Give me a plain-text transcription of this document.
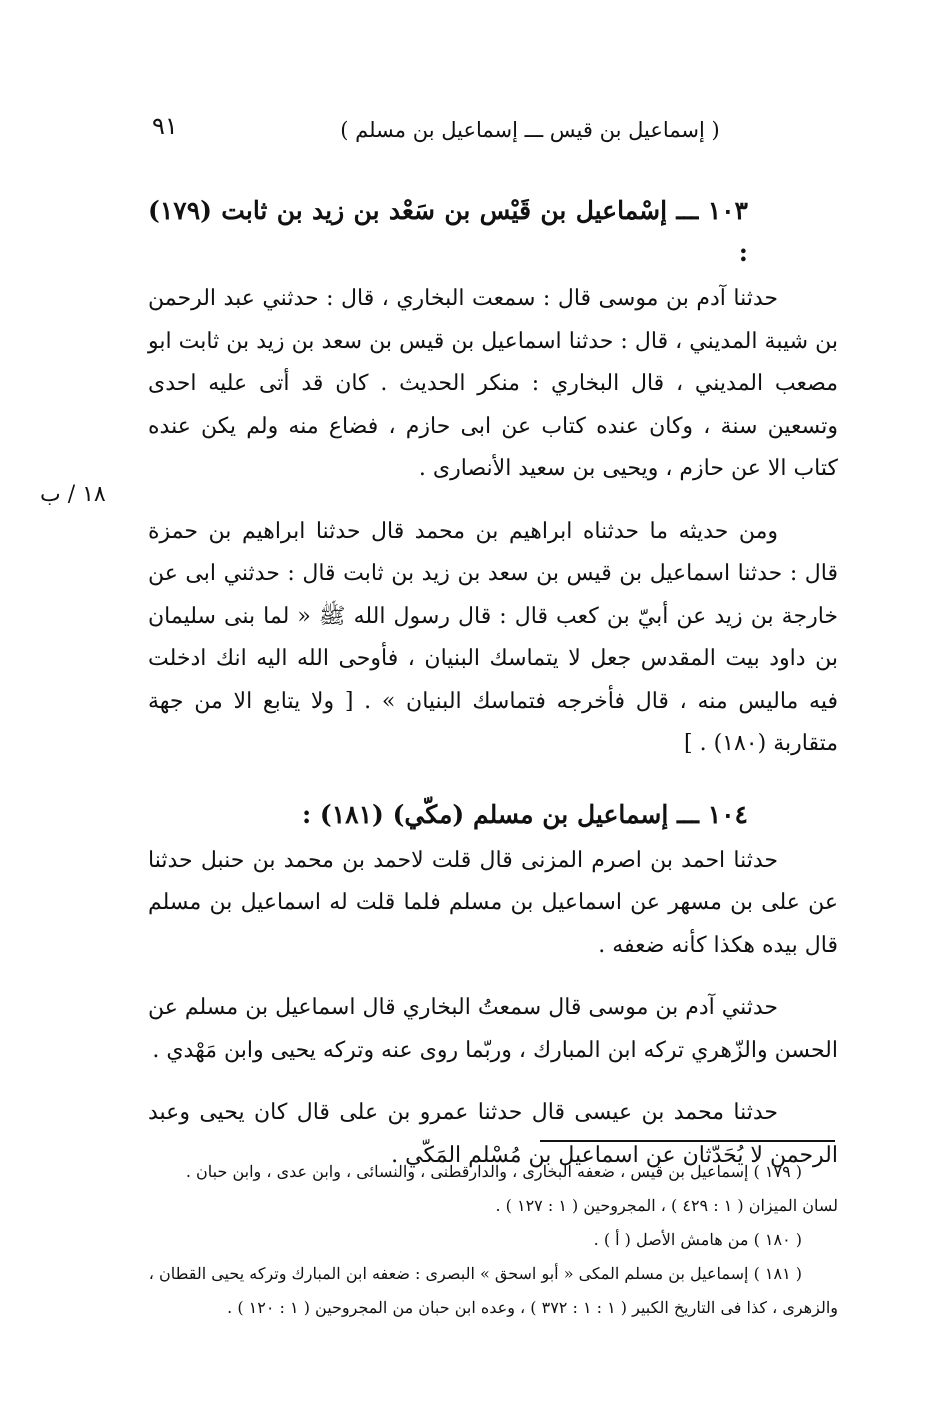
( إسماعيل بن قيس ـــ إسماعيل بن مسلم )
٩١
١٨ / ب
١٠٣ ـــ إسْماعيل بن قَيْس بن سَعْد بن زيد بن ثابت (١٧٩) :

حدثنا آدم بن موسى قال : سمعت البخاري ، قال : حدثني عبد الرحمن بن شيبة المديني ، قال : حدثنا اسماعيل بن قيس بن سعد بن زيد بن ثابت ابو مصعب المديني ، قال البخاري : منكر الحديث . كان قد أتى عليه احدى وتسعين سنة ، وكان عنده كتاب عن ابى حازم ، فضاع منه ولم يكن عنده كتاب الا عن حازم ، ويحيى بن سعيد الأنصارى .

ومن حديثه ما حدثناه ابراهيم بن محمد قال حدثنا ابراهيم بن حمزة قال : حدثنا اسماعيل بن قيس بن سعد بن زيد بن ثابت قال : حدثني ابى عن خارجة بن زيد عن أبيّ بن كعب قال : قال رسول الله ﷺ « لما بنى سليمان بن داود بيت المقدس جعل لا يتماسك البنيان ، فأوحى الله اليه انك ادخلت فيه ماليس منه ، قال فأخرجه فتماسك البنيان » . [ ولا يتابع الا من جهة متقاربة (١٨٠) . ]

١٠٤ ـــ إسماعيل بن مسلم (مكّي) (١٨١) :

حدثنا احمد بن اصرم المزنى قال قلت لاحمد بن محمد بن حنبل حدثنا عن على بن مسهر عن اسماعيل بن مسلم فلما قلت له اسماعيل بن مسلم قال بيده هكذا كأنه ضعفه .

حدثني آدم بن موسى قال سمعتُ البخاري قال اسماعيل بن مسلم عن الحسن والزّهري تركه ابن المبارك ، وربّما روى عنه وتركه يحيى وابن مَهْدي .

حدثنا محمد بن عيسى قال حدثنا عمرو بن على قال كان يحيى وعبد الرحمن لا يُحَدّثان عن اسماعيل بن مُسْلم المَكّي .

( ١٧٩ ) إسماعيل بن قيس ، ضعفه البخارى ، والدارقطنى ، والنسائى ، وابن عدى ، وابن حبان .

لسان الميزان ( ١ : ٤٢٩ ) ، المجروحين ( ١ : ١٢٧ ) .

( ١٨٠ ) من هامش الأصل ( أ ) .

( ١٨١ ) إسماعيل بن مسلم المكى « أبو اسحق » البصرى : ضعفه ابن المبارك وتركه يحيى القطان ،

والزهرى ، كذا فى التاريخ الكبير ( ١ : ١ : ٣٧٢ ) ، وعده ابن حبان من المجروحين ( ١ : ١٢٠ ) .
